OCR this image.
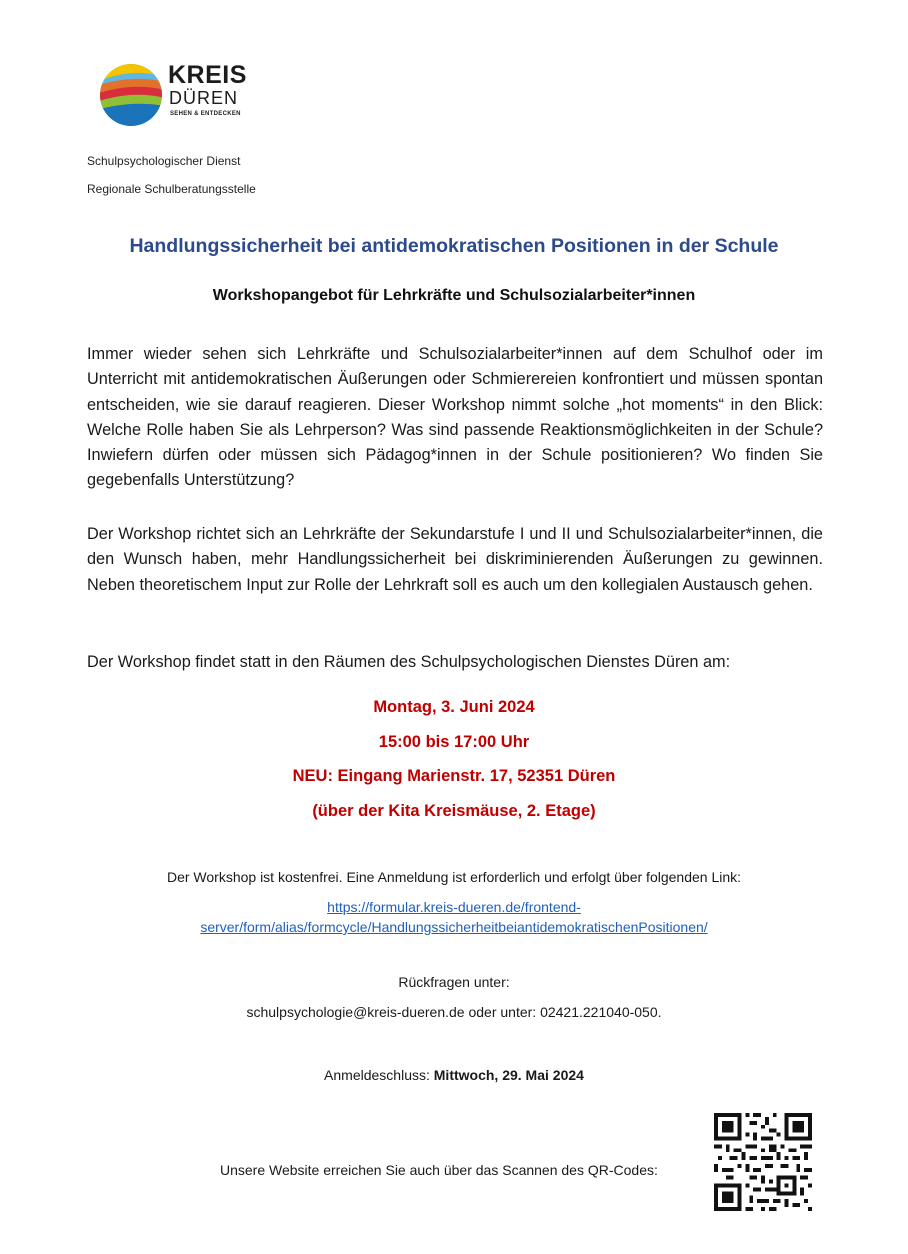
KREIS
DÜREN
SEHEN & ENTDECKEN
Schulpsychologischer Dienst
Regionale Schulberatungsstelle
Handlungssicherheit bei antidemokratischen Positionen in der Schule
Workshopangebot für Lehrkräfte und Schulsozialarbeiter*innen
Immer wieder sehen sich Lehrkräfte und Schulsozialarbeiter*innen auf dem Schulhof oder im Unterricht mit antidemokratischen Äußerungen oder Schmierereien konfrontiert und müssen spontan entscheiden, wie sie darauf reagieren. Dieser Workshop nimmt solche „hot moments“ in den Blick: Welche Rolle haben Sie als Lehrperson? Was sind passende Reaktionsmöglichkeiten in der Schule? Inwiefern dürfen oder müssen sich Pädagog*innen in der Schule positionieren? Wo finden Sie gegebenfalls Unterstützung?
Der Workshop richtet sich an Lehrkräfte der Sekundarstufe I und II und Schulsozialarbeiter*innen, die den Wunsch haben, mehr Handlungssicherheit bei diskriminierenden Äußerungen zu gewinnen. Neben theoretischem Input zur Rolle der Lehrkraft soll es auch um den kollegialen Austausch gehen.
Der Workshop findet statt in den Räumen des Schulpsychologischen Dienstes Düren am:
Montag, 3. Juni 2024
15:00 bis 17:00 Uhr
NEU: Eingang Marienstr. 17, 52351 Düren
(über der Kita Kreismäuse, 2. Etage)
Der Workshop ist kostenfrei. Eine Anmeldung ist erforderlich und erfolgt über folgenden Link:
https://formular.kreis-dueren.de/frontend-
server/form/alias/formcycle/HandlungssicherheitbeiantidemokratischenPositionen/
Rückfragen unter:
schulpsychologie@kreis-dueren.de oder unter: 02421.221040-050.
Anmeldeschluss: Mittwoch, 29. Mai 2024
Unsere Website erreichen Sie auch über das Scannen des QR-Codes:
